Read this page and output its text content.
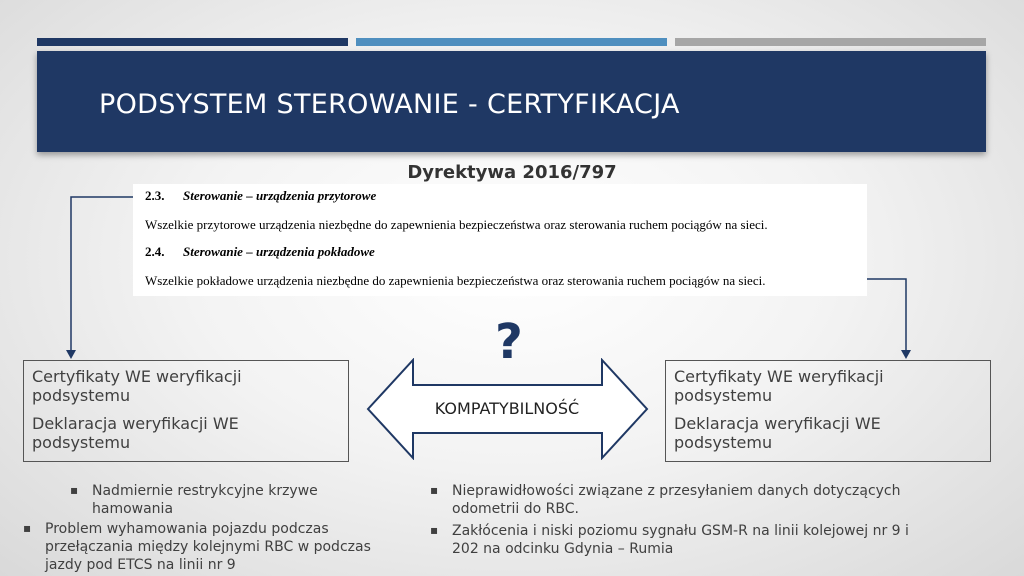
PODSYSTEM STEROWANIE - CERTYFIKACJA
Dyrektywa 2016/797
2.3. Sterowanie – urządzenia przytorowe
Wszelkie przytorowe urządzenia niezbędne do zapewnienia bezpieczeństwa oraz sterowania ruchem pociągów na sieci.
2.4. Sterowanie – urządzenia pokładowe
Wszelkie pokładowe urządzenia niezbędne do zapewnienia bezpieczeństwa oraz sterowania ruchem pociągów na sieci.

Certyfikaty WE weryfikacji podsystemu

Deklaracja weryfikacji WE podsystemu

Certyfikaty WE weryfikacji podsystemu

Deklaracja weryfikacji WE podsystemu

?
KOMPATYBILNOŚĆ
▪ Nadmiernie restrykcyjne krzywe hamowania
▪ Problem wyhamowania pojazdu podczas przełączania między kolejnymi RBC w podczas jazdy pod ETCS na linii nr 9
▪ Nieprawidłowości związane z przesyłaniem danych dotyczących odometrii do RBC.
▪ Zakłócenia i niski poziomu sygnału GSM-R na linii kolejowej nr 9 i 202 na odcinku Gdynia – Rumia
